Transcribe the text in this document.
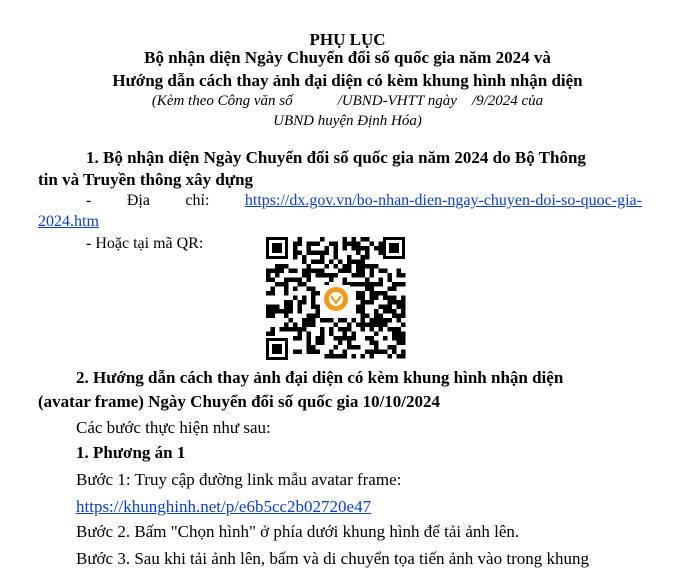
PHỤ LỤC
Bộ nhận diện Ngày Chuyển đổi số quốc gia năm 2024 và
Hướng dẫn cách thay ảnh đại diện có kèm khung hình nhận diện
(Kèm theo Công văn số            /UBND-VHTT ngày    /9/2024 của
UBND huyện Định Hóa)
1. Bộ nhận diện Ngày Chuyển đổi số quốc gia năm 2024 do Bộ Thông
tin và Truyền thông xây dựng
- Địa chỉ: https://dx.gov.vn/bo-nhan-dien-ngay-chuyen-doi-so-quoc-gia-
2024.htm
- Hoặc tại mã QR:
2. Hướng dẫn cách thay ảnh đại diện có kèm khung hình nhận diện
(avatar frame) Ngày Chuyển đổi số quốc gia 10/10/2024
Các bước thực hiện như sau:
1. Phương án 1
Bước 1: Truy cập đường link mẫu avatar frame:
https://khunghinh.net/p/e6b5cc2b02720e47
Bước 2. Bấm "Chọn hình" ở phía dưới khung hình để tải ảnh lên.
Bước 3. Sau khi tải ảnh lên, bấm và di chuyển tọa tiến ảnh vào trong khung
